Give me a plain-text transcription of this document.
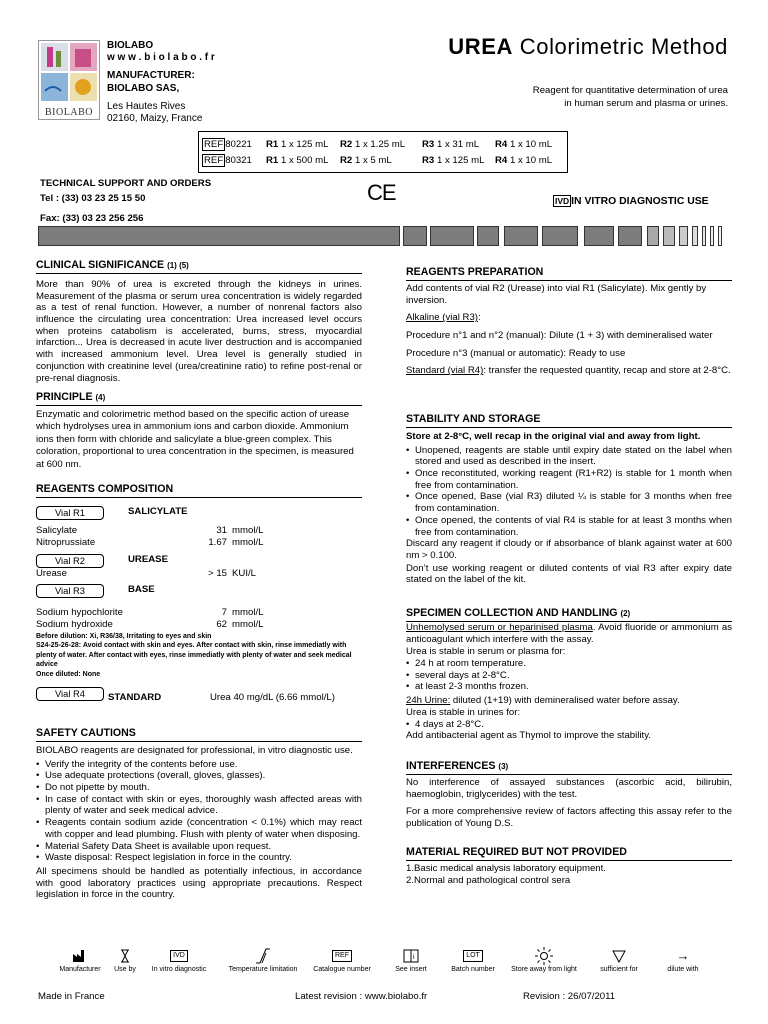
BIOLABO
BIOLABO
w w w . b i o l a b o . f r
MANUFACTURER:
BIOLABO SAS,
Les Hautes Rives
02160, Maizy, France
UREA Colorimetric Method
Reagent for quantitative determination of urea
in human serum and plasma or urines.
REF 80221 R1 1 x 125 mL R2 1 x 1.25 mL R3 1 x 31 mL R4 1 x 10 mL
REF 80321 R1 1 x 500 mL R2 1 x 5 mL	R3 1 x 125 mL R4 1 x 10 mL
TECHNICAL SUPPORT AND ORDERS
Tel : (33) 03 23 25 15 50
Fax: (33) 03 23 256 256
CE	IVD IN VITRO DIAGNOSTIC USE
CLINICAL SIGNIFICANCE (1) (5)

More than 90% of urea is excreted through the kidneys in urines. Measurement of the plasma or serum urea concentration is widely regarded as a test of renal function. However, a number of nonrenal factors also influence the circulating urea concentration: Urea increased level occurs when proteins catabolism is accelerated, burns, stress, myocardial infarction... Urea is decreased in acute liver destruction and is accompanied with increased ammonium level. Urea level is generally studied in conjunction with creatinine level (urea/creatinine ratio) to refine post-renal or pre-renal diagnosis.

PRINCIPLE (4)

Enzymatic and colorimetric method based on the specific action of urease which hydrolyses urea in ammonium ions and carbon dioxide. Ammonium ions then form with chloride and salicylate a blue-green complex. This coloration, proportional to urea concentration in the specimen, is measured at 600 nm.

REAGENTS COMPOSITION
Vial R1	SALICYLATE
Salicylate	31	mmol/L
Nitroprussiate	1.67	mmol/L
Vial R2	UREASE
Urease	> 15	KUI/L
Vial R3	BASE
Sodium hypochlorite	7	mmol/L
Sodium hydroxide	62	mmol/L
Before dilution: Xi, R36/38, Irritating to eyes and skin
S24-25-26-28: Avoid contact with skin and eyes. After contact with skin, rinse immediatly with plenty of water. After contact with eyes, rinse immediatly with plenty of water and seek medical advice
Once diluted: None
Vial R4 STANDARD	Urea 40 mg/dL (6.66 mmol/L)
SAFETY CAUTIONS

BIOLABO reagents are designated for professional, in vitro diagnostic use.

• Verify the integrity of the contents before use.
• Use adequate protections (overall, gloves, glasses).
• Do not pipette by mouth.
• In case of contact with skin or eyes, thoroughly wash affected areas with plenty of water and seek medical advice.
• Reagents contain sodium azide (concentration < 0.1%) which may react with copper and lead plumbing. Flush with plenty of water when disposing.
• Material Safety Data Sheet is available upon request.
• Waste disposal: Respect legislation in force in the country.

All specimens should be handled as potentially infectious, in accordance with good laboratory practices using appropriate precautions. Respect legislation in force in the country.

REAGENTS PREPARATION

Add contents of vial R2 (Urease) into vial R1 (Salicylate). Mix gently by inversion.

Alkaline (vial R3):

Procedure n°1 and n°2 (manual): Dilute (1 + 3) with demineralised water

Procedure n°3 (manual or automatic): Ready to use

Standard (vial R4): transfer the requested quantity, recap and store at 2-8°C.

STABILITY AND STORAGE

Store at 2-8°C, well recap in the original vial and away from light.

• Unopened, reagents are stable until expiry date stated on the label when stored and used as described in the insert.
• Once reconstituted, working reagent (R1+R2) is stable for 1 month when free from contamination.
• Once opened, Base (vial R3) diluted ¼ is stable for 3 months when free from contamination.
• Once opened, the contents of vial R4 is stable for at least 3 months when free from contamination.

Discard any reagent if cloudy or if absorbance of blank against water at 600 nm > 0.100.

Don’t use working reagent or diluted contents of vial R3 after expiry date stated on the label of the kit.

SPECIMEN COLLECTION AND HANDLING (2)

Unhemolysed serum or heparinised plasma. Avoid fluoride or ammonium as anticoagulant which interfere with the assay.

Urea is stable in serum or plasma for:

• 24 h at room temperature.
• several days at 2-8°C.
• at least 2-3 months frozen.

24h Urine: diluted (1+19) with demineralised water before assay.

Urea is stable in urines for:

• 4 days at 2-8°C.

Add antibacterial agent as Thymol to improve the stability.

INTERFERENCES (3)

No interference of assayed substances (ascorbic acid, bilirubin, haemoglobin, triglycerides) with the test.

For a more comprehensive review of factors affecting this assay refer to the publication of Young D.S.

MATERIAL REQUIRED BUT NOT PROVIDED

1.Basic medical analysis laboratory equipment.

2.Normal and pathological control sera

Manufacturer	Use by
IVD
In vitro diagnostic	Temperature limitation
REF
Catalogue number
i
See insert
LOT
Batch number	Store away from light	sufficient for
→
dilute with
Made in France	Latest revision : www.biolabo.fr	Revision : 26/07/2011
